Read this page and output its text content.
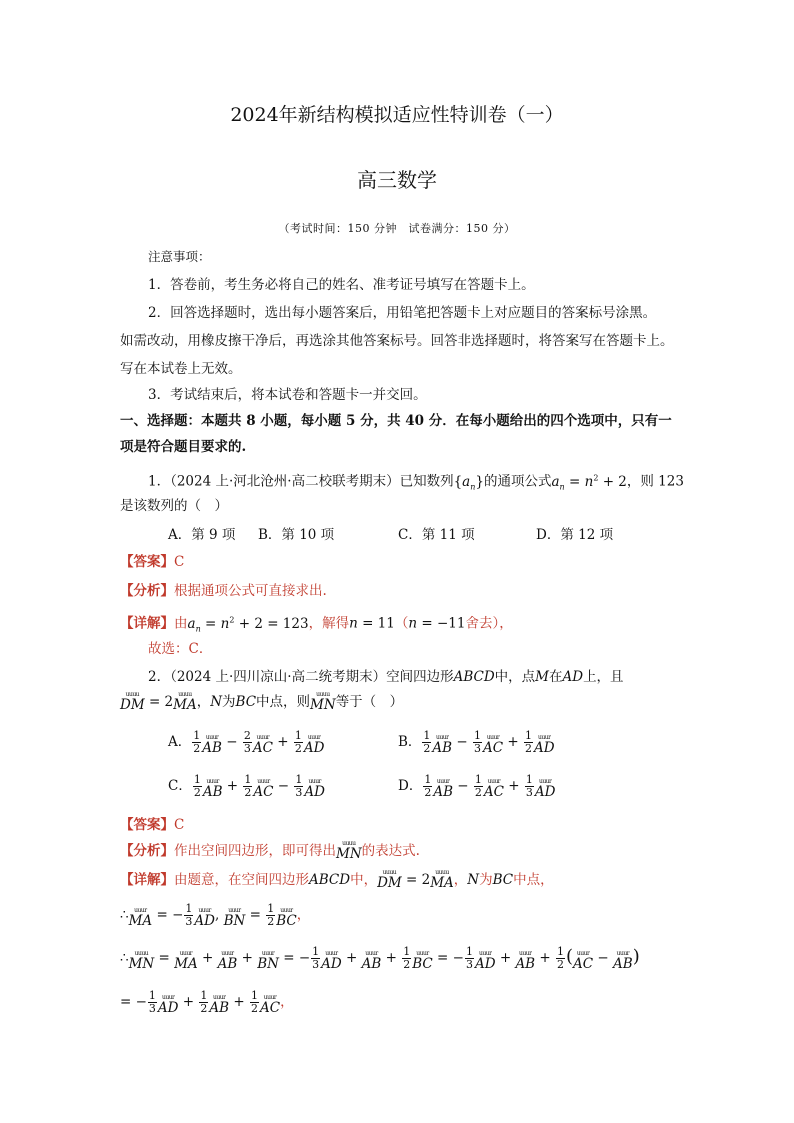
2024年新结构模拟适应性特训卷（一）
高三数学
（考试时间：150 分钟　试卷满分：150 分）
注意事项：
1．答卷前，考生务必将自己的姓名、准考证号填写在答题卡上。
2．回答选择题时，选出每小题答案后，用铅笔把答题卡上对应题目的答案标号涂黑。
如需改动，用橡皮擦干净后，再选涂其他答案标号。回答非选择题时，将答案写在答题卡上。
写在本试卷上无效。
3．考试结束后，将本试卷和答题卡一并交回。
一、选择题：本题共 8 小题，每小题 5 分，共 40 分．在每小题给出的四个选项中，只有一
项是符合题目要求的.
1．（2024 上·河北沧州·高二校联考期末）已知数列$\{a_n\}$的通项公式$a_n = n^2 + 2$，则 123
是该数列的（　）
A．第 9 项 B．第 10 项	C．第 11 项	D．第 12 项
【答案】C
【分析】根据通项公式可直接求出.
【详解】由$a_n = n^2 + 2 = 123$，解得n = 11（n = −11舍去），
故选：C．
2．（2024 上·四川凉山·高二统考期末）空间四边形ABCD中，点M在AD上，且
uuuu
DM = 2 uuuu
MA ，N为BC中点，则	uuuu
MN 等于（　）
A． $\frac{1}{2}$ uuur
AB − $\frac{2}{3}$ uuur
AC + $\frac{1}{2}$ uuur
AD	B． $\frac{1}{2}$ uuur
AB − $\frac{1}{3}$ uuur
AC + $\frac{1}{2}$ uuur
AD
C． $\frac{1}{2}$ uuur
AB + $\frac{1}{2}$ uuur
AC − $\frac{1}{3}$ uuur
AD	D． $\frac{1}{2}$ uuur
AB − $\frac{1}{2}$ uuur
AC + $\frac{1}{3}$ uuur
AD
【答案】C
【分析】作出空间四边形，即可得出	uuuu
MN 的表达式.
【详解】由题意，在空间四边形ABCD中， uuuu
DM = 2 uuuu
MA ，N为BC中点，
∴ uuur
MA = − $\frac{1}{3}$ uuur
AD , uuur
BN = $\frac{1}{2}$ uuur
BC ，
∴	uuuu
MN = uuur
MA + uuur
AB + uuur
BN = − $\frac{1}{3}$ uuur
AD + uuur
AB + $\frac{1}{2}$ uuur
BC = − $\frac{1}{3}$ uuur
AD + uuur
AB + $\frac{1}{2}$ ( uuur
AC − uuur
AB )
= − $\frac{1}{3}$ uuur
AD + $\frac{1}{2}$ uuur
AB + $\frac{1}{2}$ uuur
AC ，
